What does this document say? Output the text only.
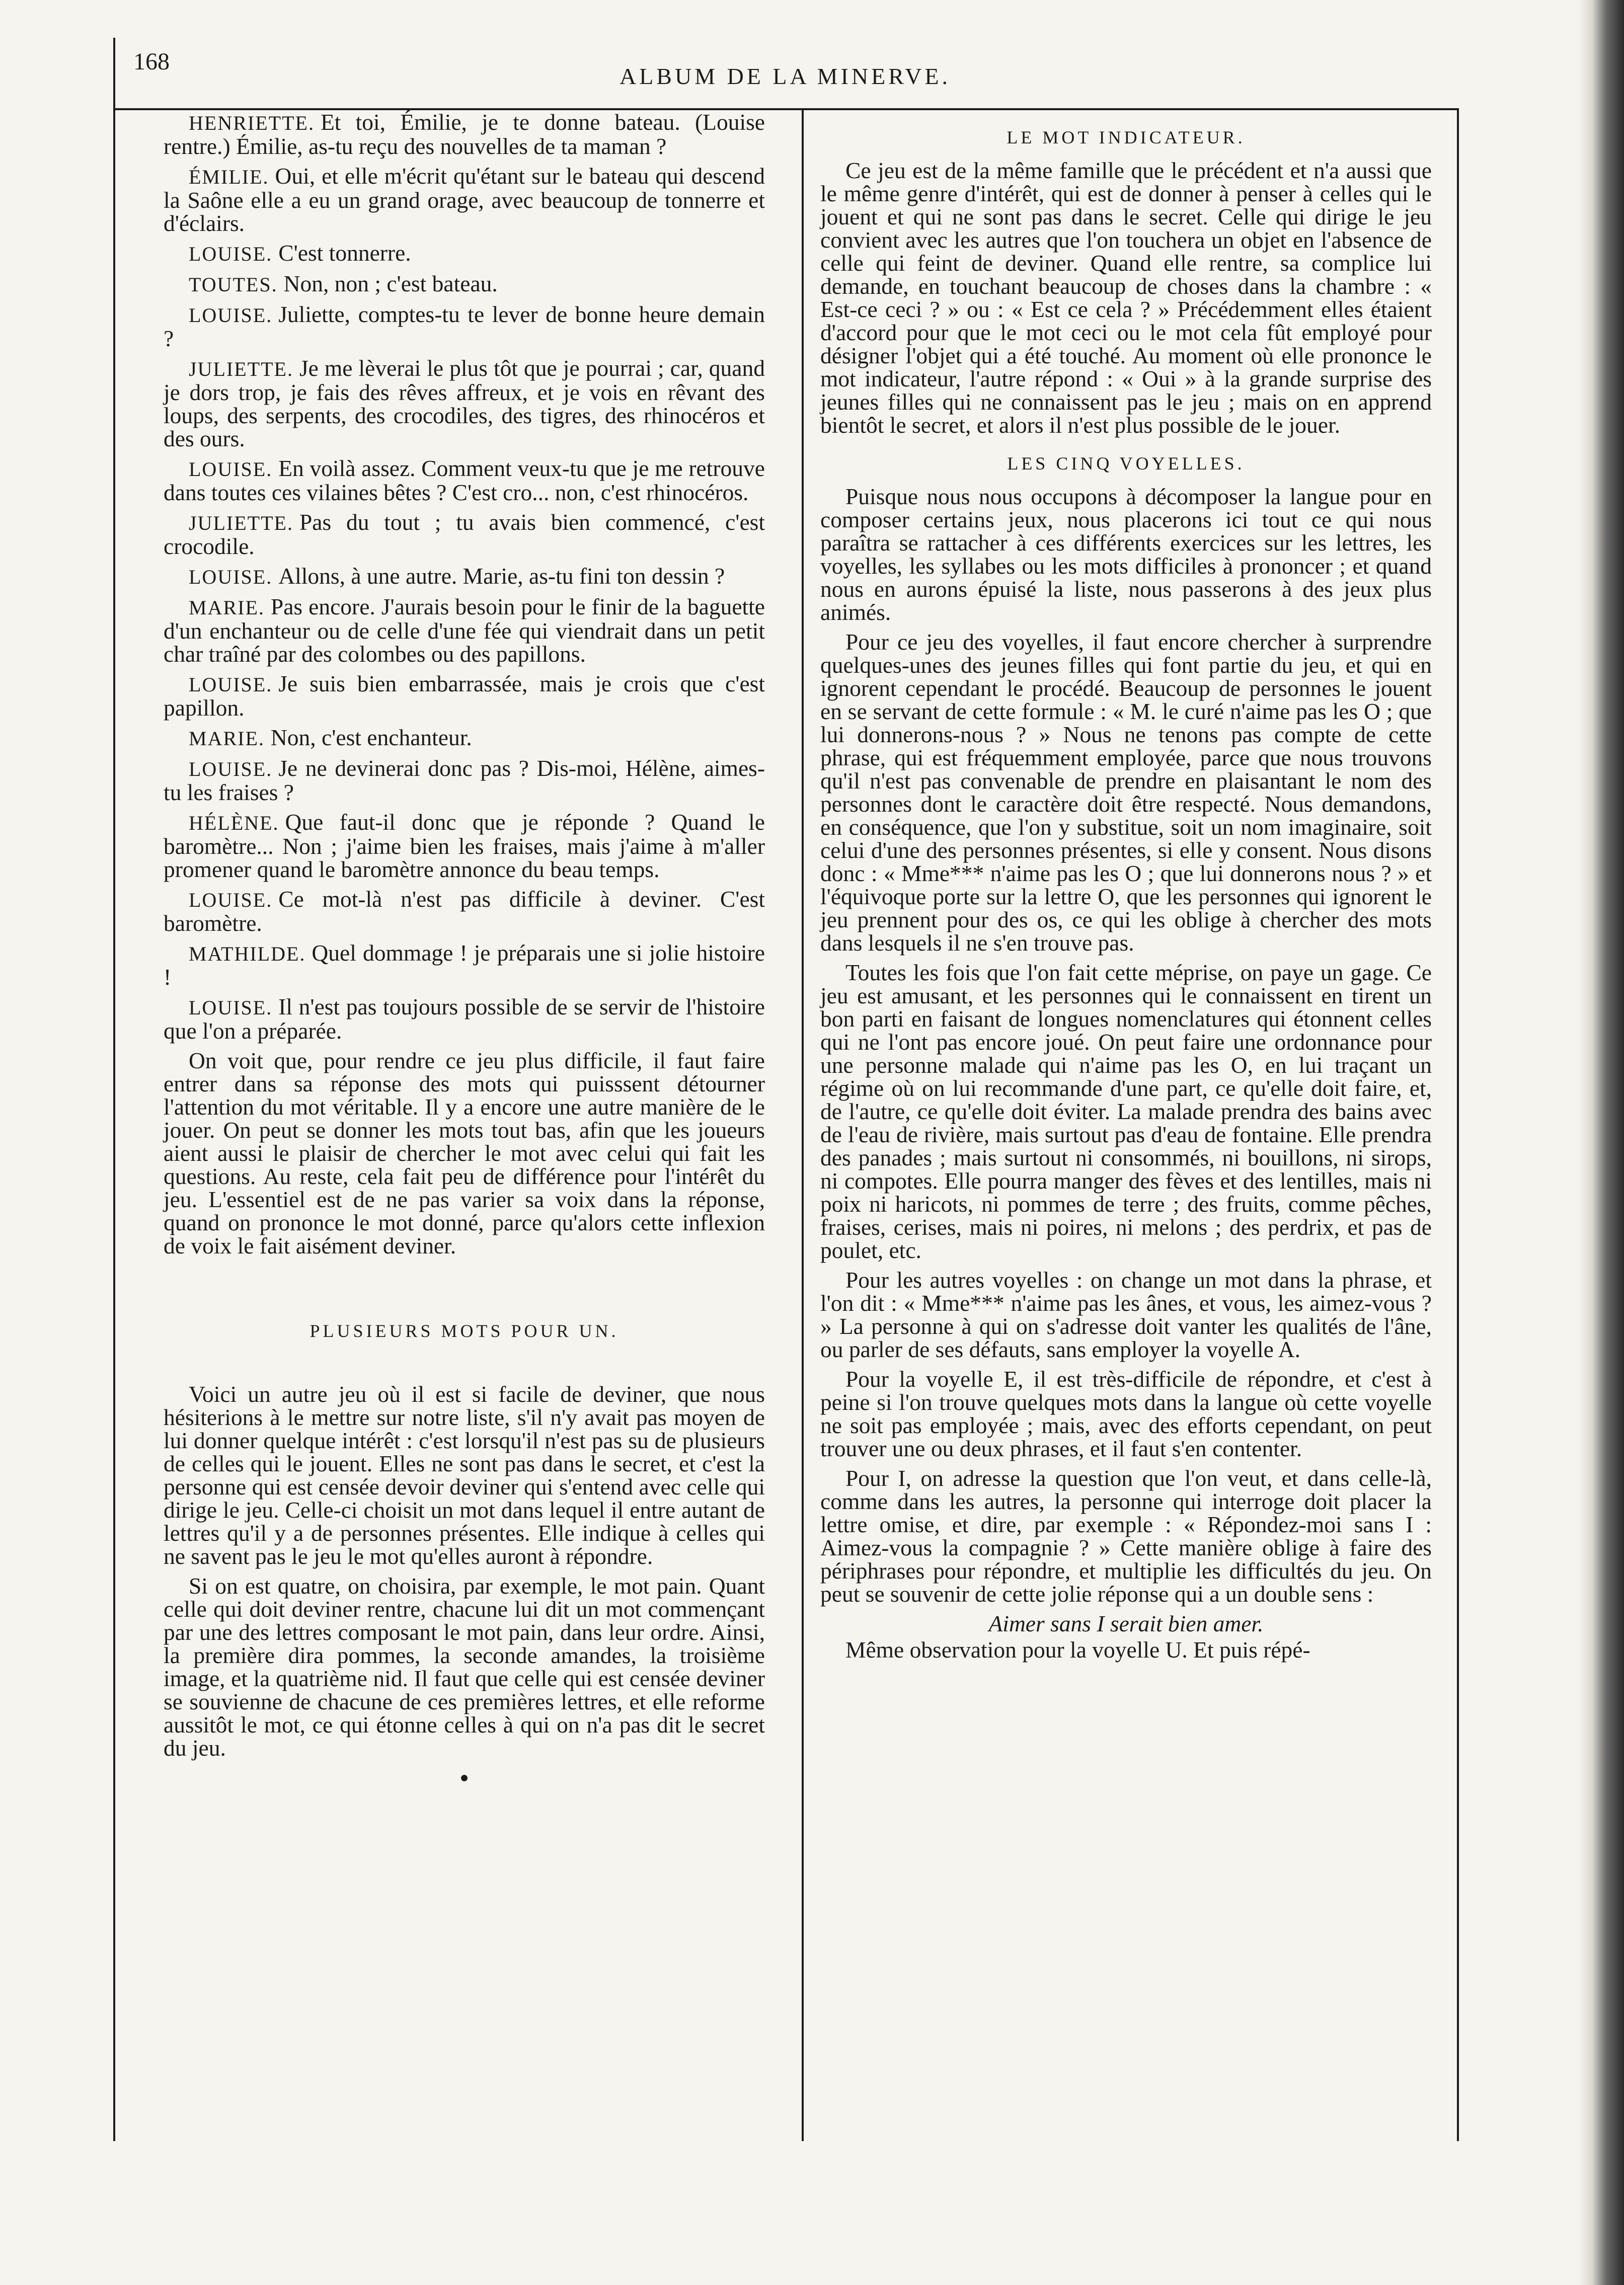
168
ALBUM DE LA MINERVE.

HENRIETTE. Et toi, Émilie, je te donne bateau. (Louise rentre.) Émilie, as-tu reçu des nouvelles de ta maman ?

ÉMILIE. Oui, et elle m'écrit qu'étant sur le bateau qui descend la Saône elle a eu un grand orage, avec beaucoup de tonnerre et d'éclairs.

LOUISE. C'est tonnerre.

TOUTES. Non, non ; c'est bateau.

LOUISE. Juliette, comptes-tu te lever de bonne heure demain ?

JULIETTE. Je me lèverai le plus tôt que je pourrai ; car, quand je dors trop, je fais des rêves affreux, et je vois en rêvant des loups, des serpents, des crocodiles, des tigres, des rhinocéros et des ours.

LOUISE. En voilà assez. Comment veux-tu que je me retrouve dans toutes ces vilaines bêtes ? C'est cro... non, c'est rhinocéros.

JULIETTE. Pas du tout ; tu avais bien commencé, c'est crocodile.

LOUISE. Allons, à une autre. Marie, as-tu fini ton dessin ?

MARIE. Pas encore. J'aurais besoin pour le finir de la baguette d'un enchanteur ou de celle d'une fée qui viendrait dans un petit char traîné par des colombes ou des papillons.

LOUISE. Je suis bien embarrassée, mais je crois que c'est papillon.

MARIE. Non, c'est enchanteur.

LOUISE. Je ne devinerai donc pas ? Dis-moi, Hélène, aimes-tu les fraises ?

HÉLÈNE. Que faut-il donc que je réponde ? Quand le baromètre... Non ; j'aime bien les fraises, mais j'aime à m'aller promener quand le baromètre annonce du beau temps.

LOUISE. Ce mot-là n'est pas difficile à deviner. C'est baromètre.

MATHILDE. Quel dommage ! je préparais une si jolie histoire !

LOUISE. Il n'est pas toujours possible de se servir de l'histoire que l'on a préparée.

On voit que, pour rendre ce jeu plus difficile, il faut faire entrer dans sa réponse des mots qui puisssent détourner l'attention du mot véritable. Il y a encore une autre manière de le jouer. On peut se donner les mots tout bas, afin que les joueurs aient aussi le plaisir de chercher le mot avec celui qui fait les questions. Au reste, cela fait peu de différence pour l'intérêt du jeu. L'essentiel est de ne pas varier sa voix dans la réponse, quand on prononce le mot donné, parce qu'alors cette inflexion de voix le fait aisément deviner.

PLUSIEURS MOTS POUR UN.

Voici un autre jeu où il est si facile de deviner, que nous hésiterions à le mettre sur notre liste, s'il n'y avait pas moyen de lui donner quelque intérêt : c'est lorsqu'il n'est pas su de plusieurs de celles qui le jouent. Elles ne sont pas dans le secret, et c'est la personne qui est censée devoir deviner qui s'entend avec celle qui dirige le jeu. Celle-ci choisit un mot dans lequel il entre autant de lettres qu'il y a de personnes présentes. Elle indique à celles qui ne savent pas le jeu le mot qu'elles auront à répondre.

Si on est quatre, on choisira, par exemple, le mot pain. Quant celle qui doit deviner rentre, chacune lui dit un mot commençant par une des lettres composant le mot pain, dans leur ordre. Ainsi, la première dira pommes, la seconde amandes, la troisième image, et la quatrième nid. Il faut que celle qui est censée deviner se souvienne de chacune de ces premières lettres, et elle reforme aussitôt le mot, ce qui étonne celles à qui on n'a pas dit le secret du jeu.

●
LE MOT INDICATEUR.

Ce jeu est de la même famille que le précédent et n'a aussi que le même genre d'intérêt, qui est de donner à penser à celles qui le jouent et qui ne sont pas dans le secret. Celle qui dirige le jeu convient avec les autres que l'on touchera un objet en l'absence de celle qui feint de deviner. Quand elle rentre, sa complice lui demande, en touchant beaucoup de choses dans la chambre : « Est-ce ceci ? » ou : « Est ce cela ? » Précédemment elles étaient d'accord pour que le mot ceci ou le mot cela fût employé pour désigner l'objet qui a été touché. Au moment où elle prononce le mot indicateur, l'autre répond : « Oui » à la grande surprise des jeunes filles qui ne connaissent pas le jeu ; mais on en apprend bientôt le secret, et alors il n'est plus possible de le jouer.

LES CINQ VOYELLES.

Puisque nous nous occupons à décomposer la langue pour en composer certains jeux, nous placerons ici tout ce qui nous paraîtra se rattacher à ces différents exercices sur les lettres, les voyelles, les syllabes ou les mots difficiles à prononcer ; et quand nous en aurons épuisé la liste, nous passerons à des jeux plus animés.

Pour ce jeu des voyelles, il faut encore chercher à surprendre quelques-unes des jeunes filles qui font partie du jeu, et qui en ignorent cependant le procédé. Beaucoup de personnes le jouent en se servant de cette formule : « M. le curé n'aime pas les O ; que lui donnerons-nous ? » Nous ne tenons pas compte de cette phrase, qui est fréquemment employée, parce que nous trouvons qu'il n'est pas convenable de prendre en plaisantant le nom des personnes dont le caractère doit être respecté. Nous demandons, en conséquence, que l'on y substitue, soit un nom imaginaire, soit celui d'une des personnes présentes, si elle y consent. Nous disons donc : « Mme*** n'aime pas les O ; que lui donnerons nous ? » et l'équivoque porte sur la lettre O, que les personnes qui ignorent le jeu prennent pour des os, ce qui les oblige à chercher des mots dans lesquels il ne s'en trouve pas.

Toutes les fois que l'on fait cette méprise, on paye un gage. Ce jeu est amusant, et les personnes qui le connaissent en tirent un bon parti en faisant de longues nomenclatures qui étonnent celles qui ne l'ont pas encore joué. On peut faire une ordonnance pour une personne malade qui n'aime pas les O, en lui traçant un régime où on lui recommande d'une part, ce qu'elle doit faire, et, de l'autre, ce qu'elle doit éviter. La malade prendra des bains avec de l'eau de rivière, mais surtout pas d'eau de fontaine. Elle prendra des panades ; mais surtout ni consommés, ni bouillons, ni sirops, ni compotes. Elle pourra manger des fèves et des lentilles, mais ni poix ni haricots, ni pommes de terre ; des fruits, comme pêches, fraises, cerises, mais ni poires, ni melons ; des perdrix, et pas de poulet, etc.

Pour les autres voyelles : on change un mot dans la phrase, et l'on dit : « Mme*** n'aime pas les ânes, et vous, les aimez-vous ? » La personne à qui on s'adresse doit vanter les qualités de l'âne, ou parler de ses défauts, sans employer la voyelle A.

Pour la voyelle E, il est très-difficile de répondre, et c'est à peine si l'on trouve quelques mots dans la langue où cette voyelle ne soit pas employée ; mais, avec des efforts cependant, on peut trouver une ou deux phrases, et il faut s'en contenter.

Pour I, on adresse la question que l'on veut, et dans celle-là, comme dans les autres, la personne qui interroge doit placer la lettre omise, et dire, par exemple : « Répondez-moi sans I : Aimez-vous la compagnie ? » Cette manière oblige à faire des périphrases pour répondre, et multiplie les difficultés du jeu. On peut se souvenir de cette jolie réponse qui a un double sens :

Aimer sans I serait bien amer.

Même observation pour la voyelle U. Et puis répé-
